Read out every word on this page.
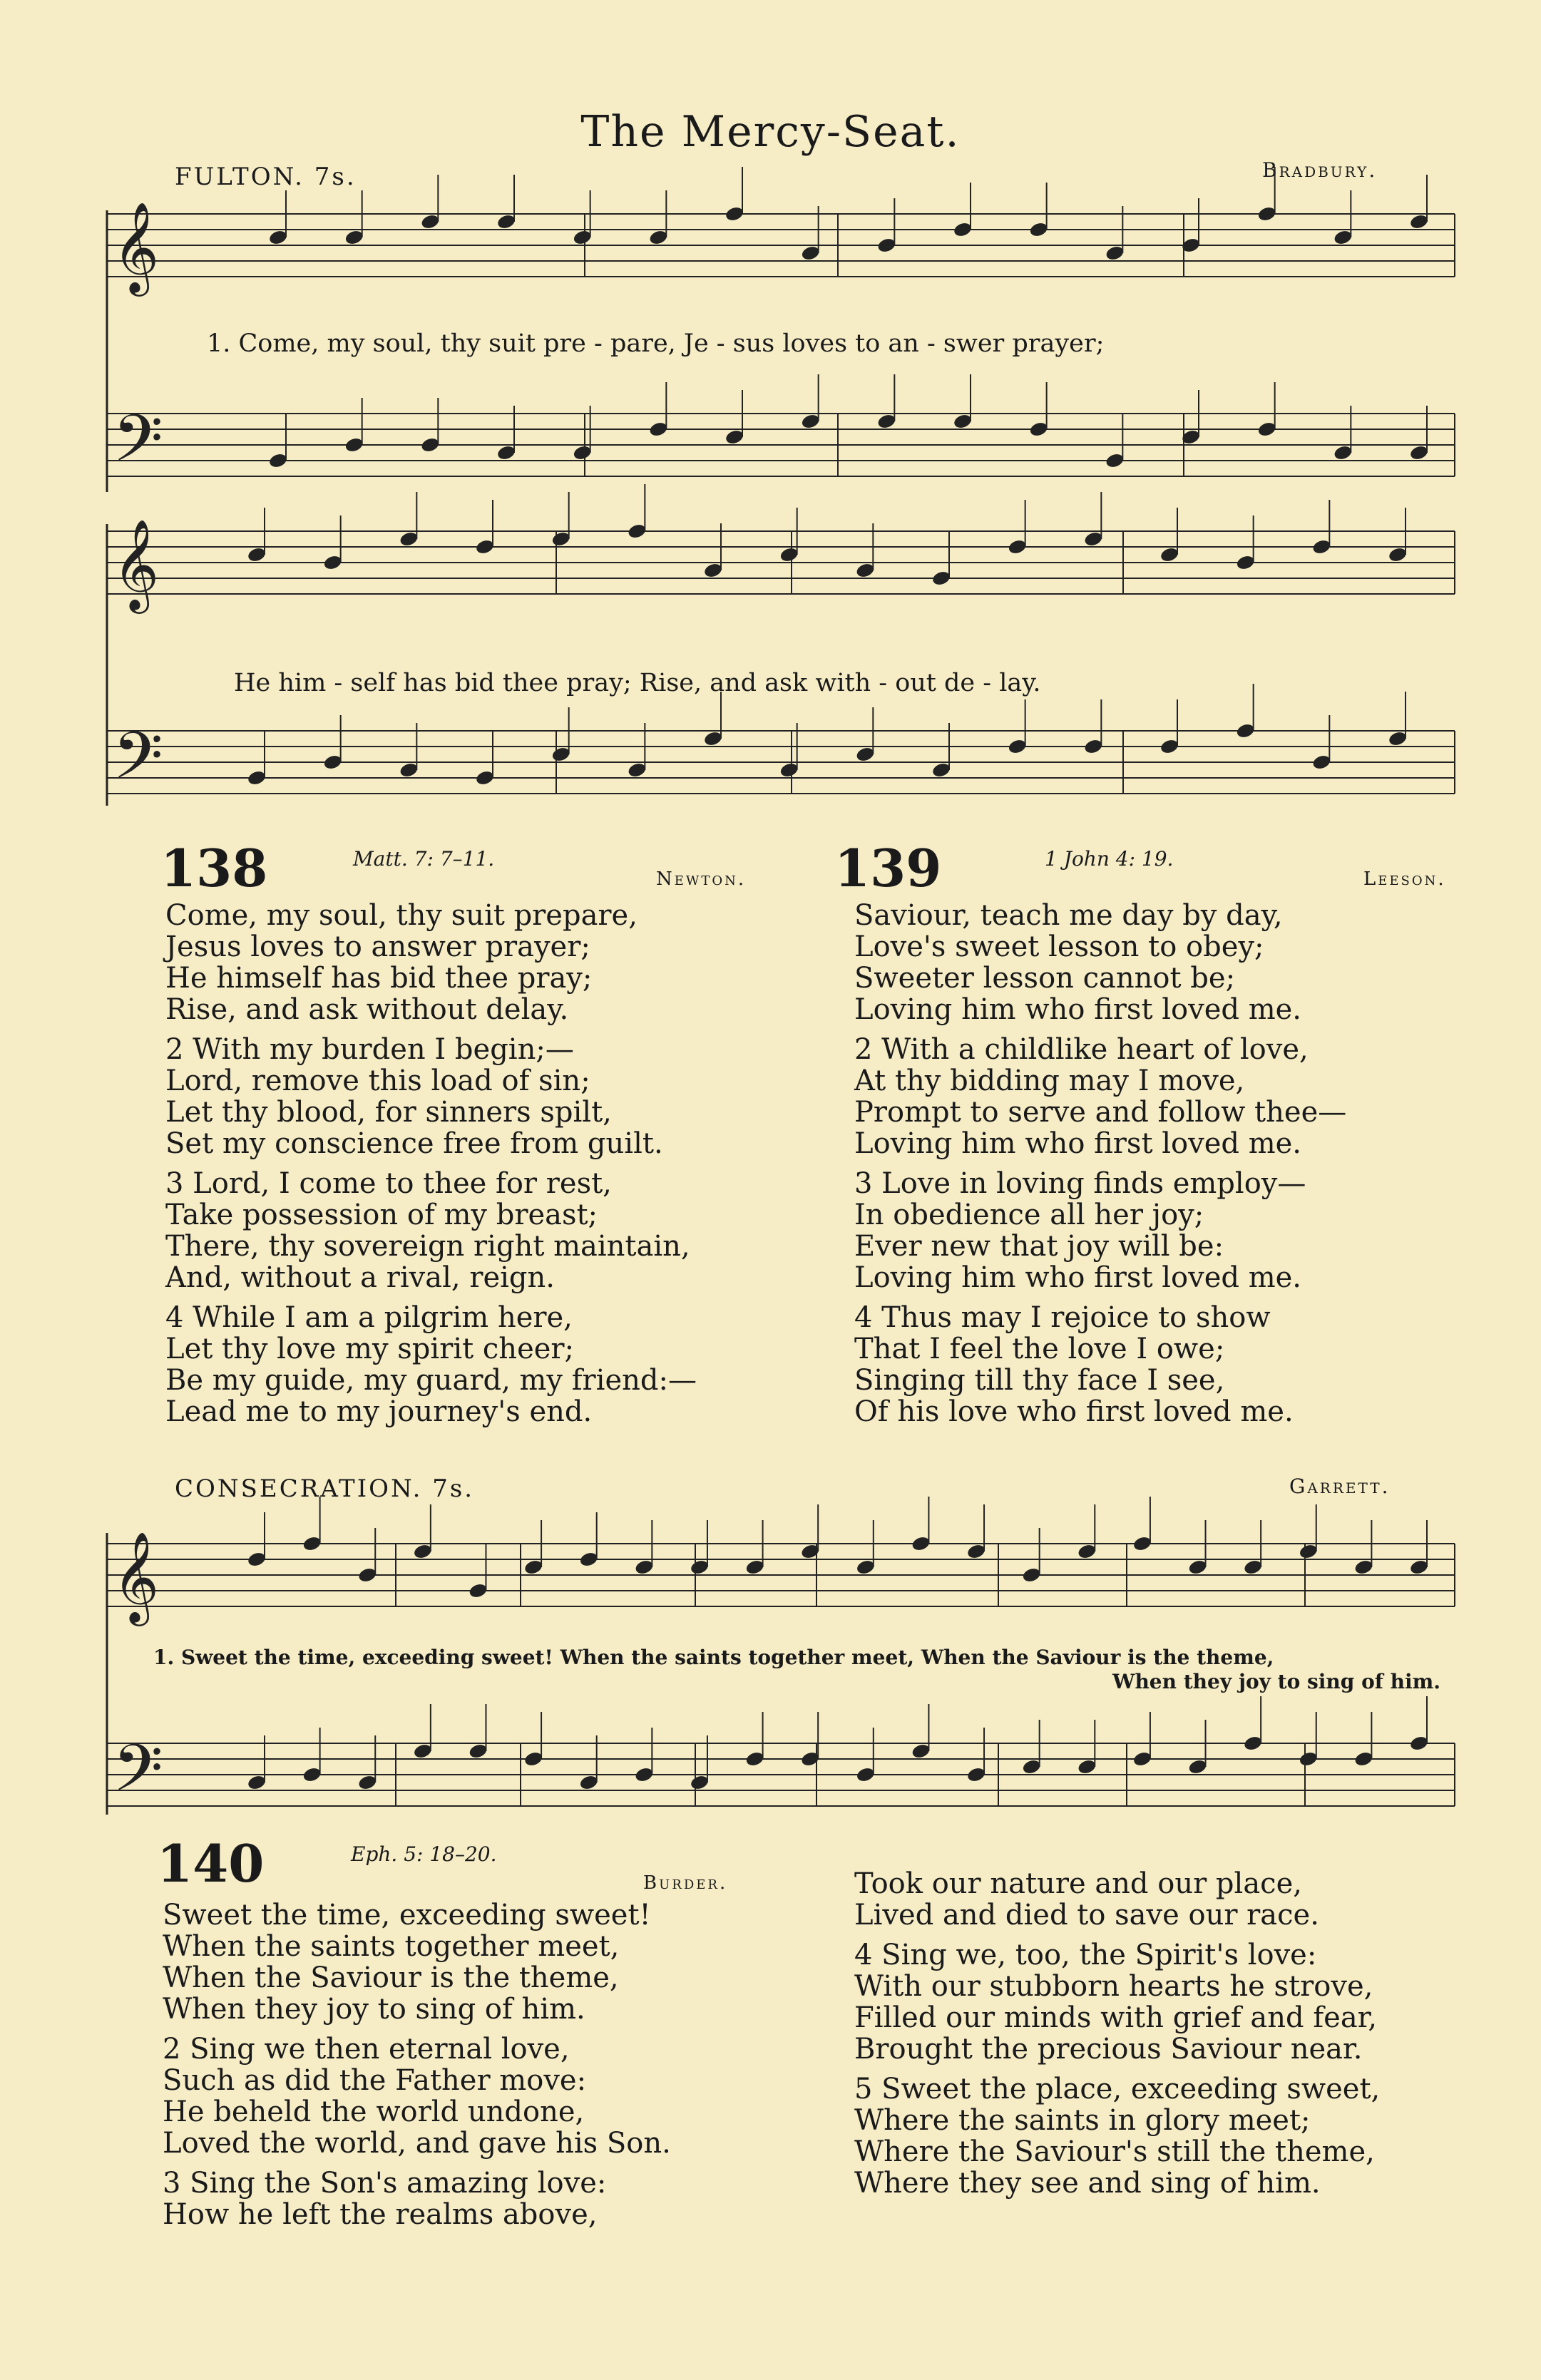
The Mercy-Seat.
FULTON. 7s.	Bradbury.
𝄞
𝄢
𝄞
𝄢
1. Come, my soul, thy suit pre - pare, Je - sus loves to an - swer prayer;
He him - self has bid thee pray; Rise, and ask with - out de - lay.
138	Matt. 7: 7–11.
Newton.

Come, my soul, thy suit prepare,
Jesus loves to answer prayer;
He himself has bid thee pray;
Rise, and ask without delay.

2 With my burden I begin;—
Lord, remove this load of sin;
Let thy blood, for sinners spilt,
Set my conscience free from guilt.

3 Lord, I come to thee for rest,
Take possession of my breast;
There, thy sovereign right maintain,
And, without a rival, reign.

4 While I am a pilgrim here,
Let thy love my spirit cheer;
Be my guide, my guard, my friend:—
Lead me to my journey's end.

139	1 John 4: 19.
Leeson.

Saviour, teach me day by day,
Love's sweet lesson to obey;
Sweeter lesson cannot be;
Loving him who first loved me.

2 With a childlike heart of love,
At thy bidding may I move,
Prompt to serve and follow thee—
Loving him who first loved me.

3 Love in loving finds employ—
In obedience all her joy;
Ever new that joy will be:
Loving him who first loved me.

4 Thus may I rejoice to show
That I feel the love I owe;
Singing till thy face I see,
Of his love who first loved me.

CONSECRATION. 7s.	Garrett.
𝄞
𝄢
1. Sweet the time, exceeding sweet! When the saints together meet, When the Saviour is the theme,
When they joy to sing of him.
140	Eph. 5: 18–20.
Burder.

Sweet the time, exceeding sweet!
When the saints together meet,
When the Saviour is the theme,
When they joy to sing of him.

2 Sing we then eternal love,
Such as did the Father move:
He beheld the world undone,
Loved the world, and gave his Son.

3 Sing the Son's amazing love:
How he left the realms above,

Took our nature and our place,
Lived and died to save our race.

4 Sing we, too, the Spirit's love:
With our stubborn hearts he strove,
Filled our minds with grief and fear,
Brought the precious Saviour near.

5 Sweet the place, exceeding sweet,
Where the saints in glory meet;
Where the Saviour's still the theme,
Where they see and sing of him.
